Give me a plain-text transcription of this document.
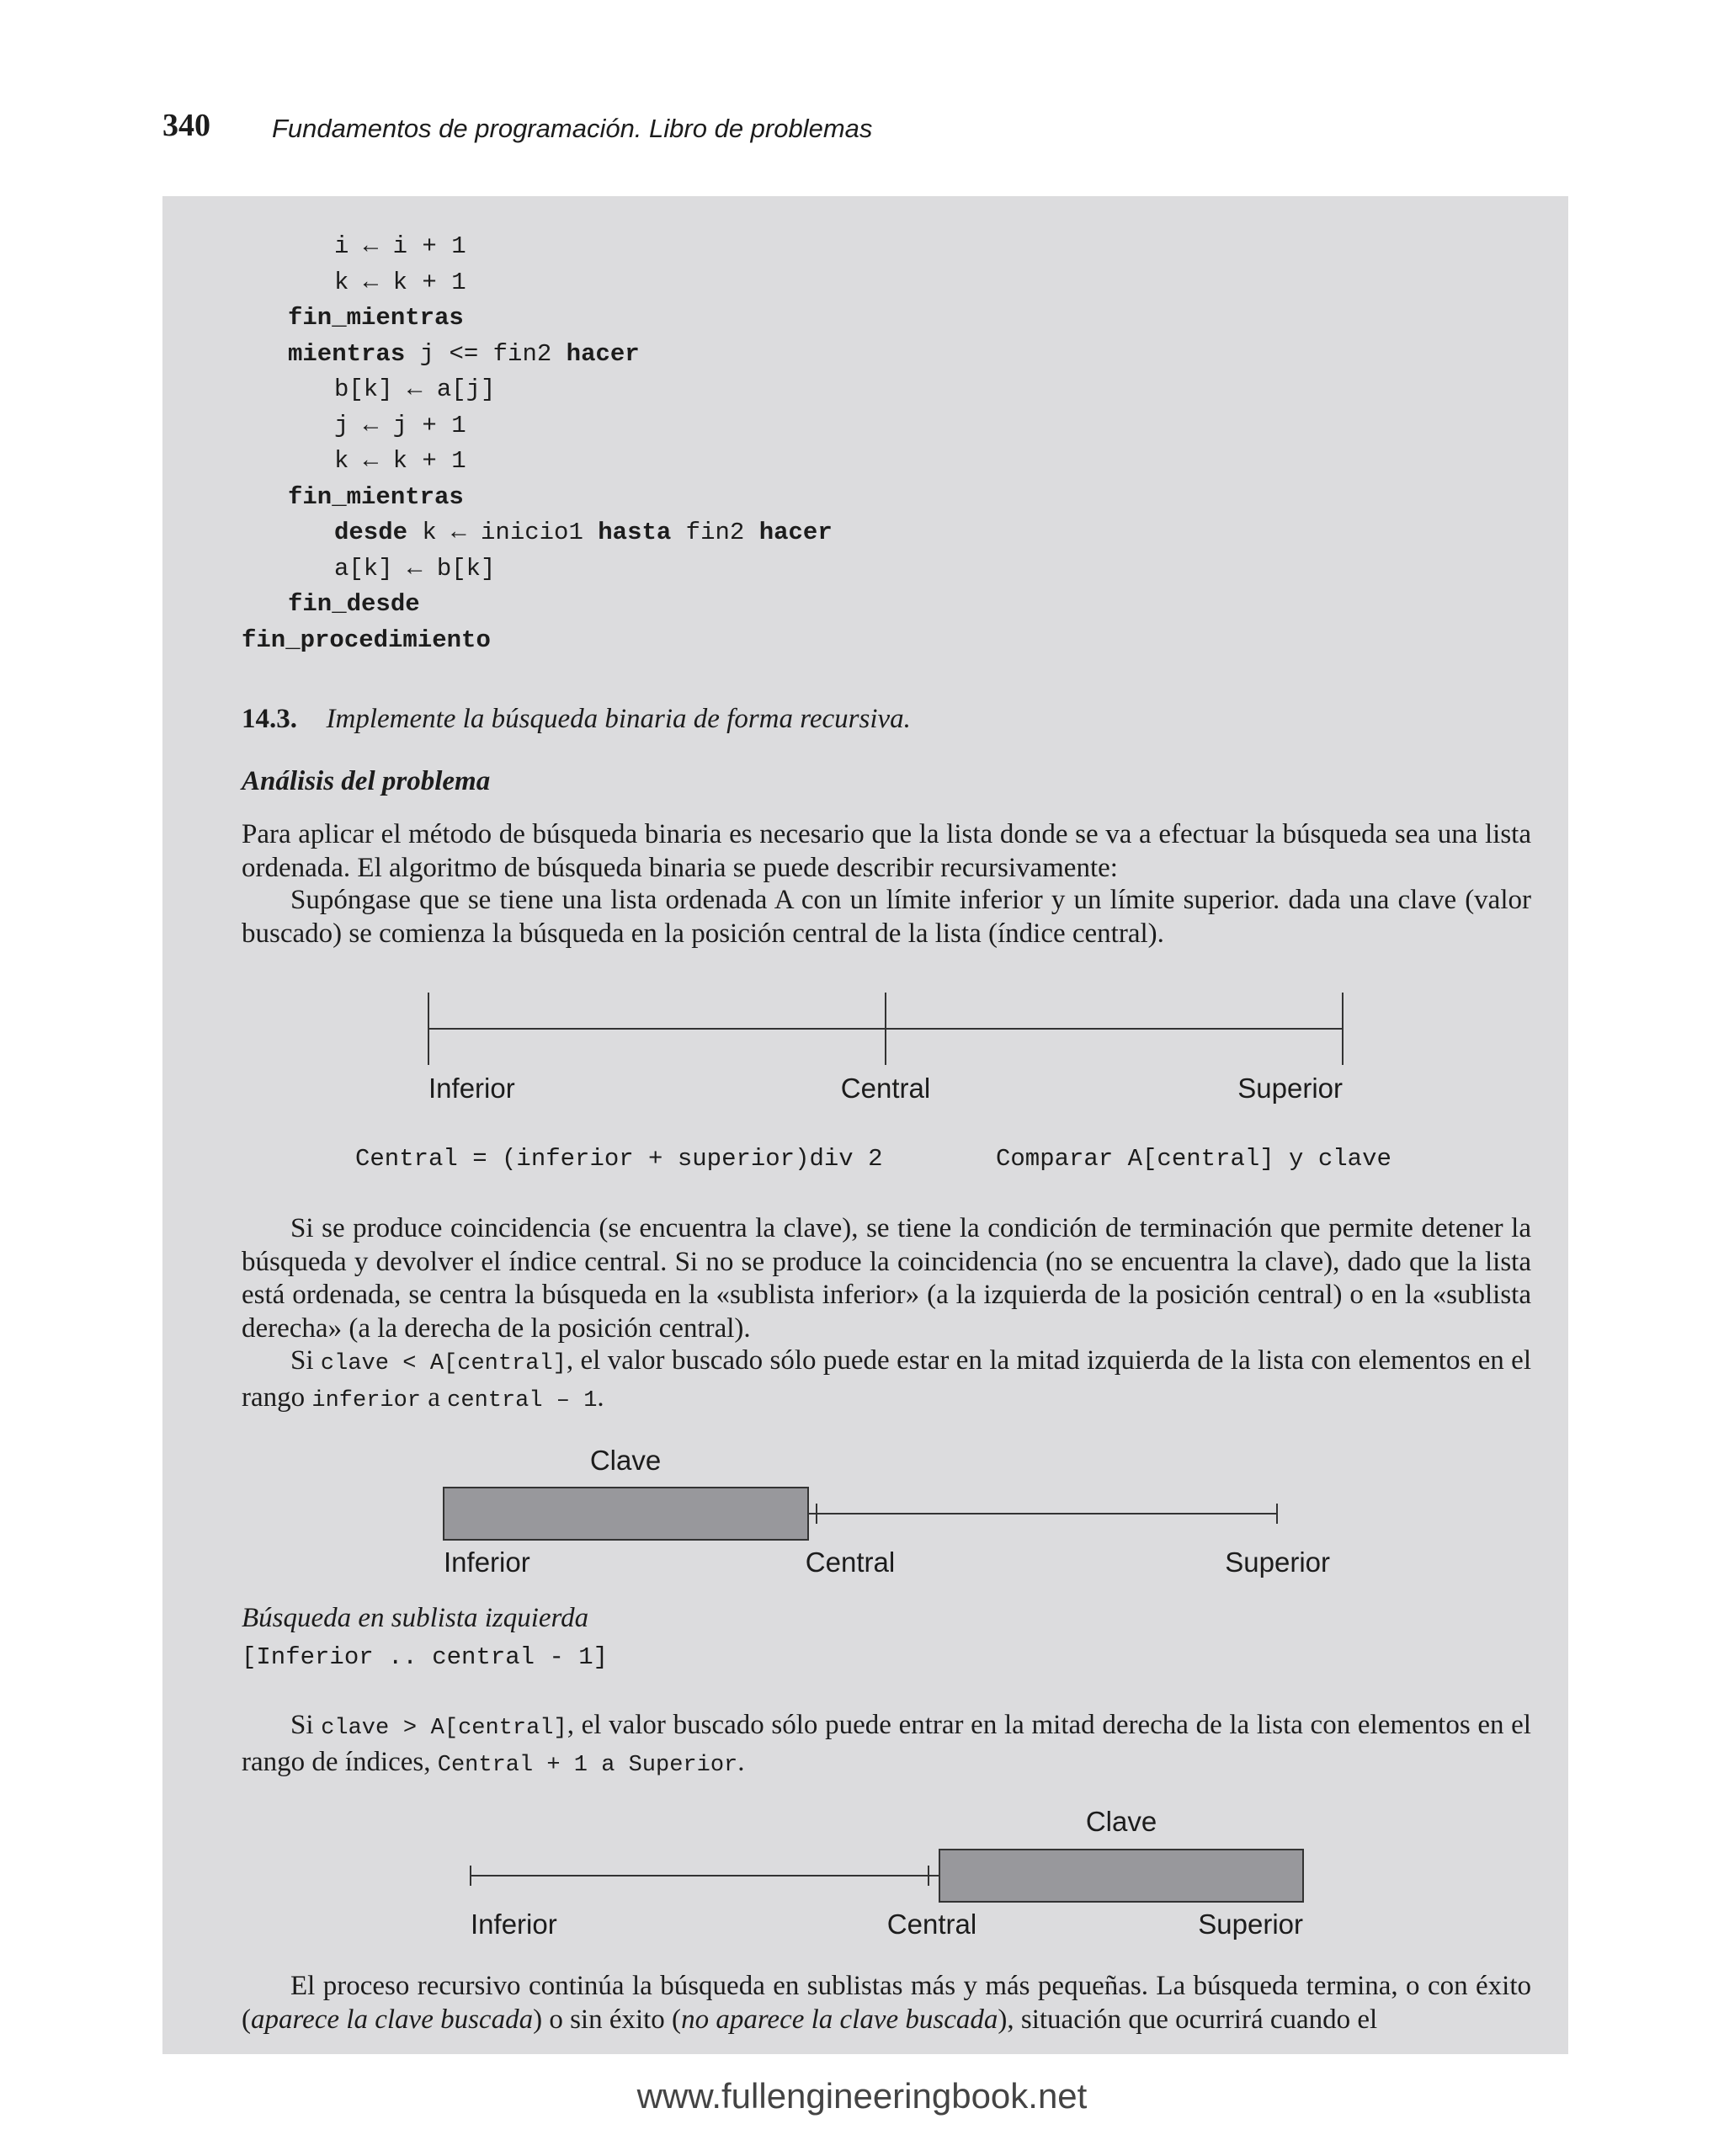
340 Fundamentos de programación. Libro de problemas
i ← i + 1
k ← k + 1
fin_mientras
mientras j <= fin2 hacer
b[k] ← a[j]
j ← j + 1
k ← k + 1
fin_mientras
desde k ← inicio1 hasta fin2 hacer
a[k] ← b[k]
fin_desde
fin_procedimiento
14.3. Implemente la búsqueda binaria de forma recursiva.
Análisis del problema
Para aplicar el método de búsqueda binaria es necesario que la lista donde se va a efectuar la búsqueda sea una lista ordenada. El algoritmo de búsqueda binaria se puede describir recursivamente:
Supóngase que se tiene una lista ordenada A con un límite inferior y un límite superior. dada una clave (valor buscado) se comienza la búsqueda en la posición central de la lista (índice central).
Inferior	Central	Superior
Central = (inferior + superior)div 2	Comparar A[central] y clave
Si se produce coincidencia (se encuentra la clave), se tiene la condición de terminación que permite detener la búsqueda y devolver el índice central. Si no se produce la coincidencia (no se encuentra la clave), dado que la lista está ordenada, se centra la búsqueda en la «sublista inferior» (a la izquierda de la posición central) o en la «sublista derecha» (a la derecha de la posición central).
Si clave < A[central], el valor buscado sólo puede estar en la mitad izquierda de la lista con elementos en el rango inferior a central – 1.
Clave
Inferior	Central	Superior
Búsqueda en sublista izquierda
[Inferior .. central - 1]
Si clave > A[central], el valor buscado sólo puede entrar en la mitad derecha de la lista con elementos en el rango de índices, Central + 1 a Superior.
Clave
Inferior	Central	Superior
El proceso recursivo continúa la búsqueda en sublistas más y más pequeñas. La búsqueda termina, o con éxito (aparece la clave buscada) o sin éxito (no aparece la clave buscada), situación que ocurrirá cuando el
www.fullengineeringbook.net
